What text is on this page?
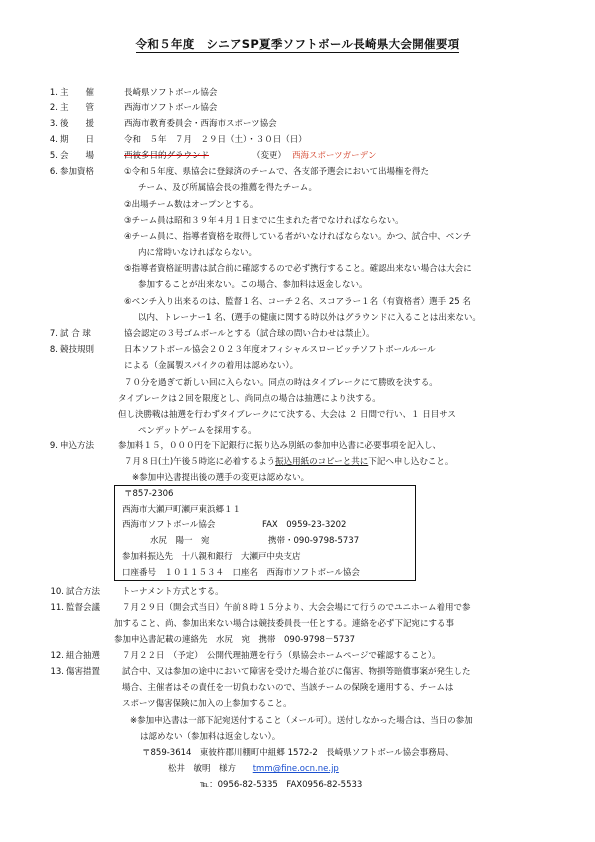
令和５年度　シニアSP夏季ソフトボール長崎県大会開催要項
1. 主　　催	長崎県ソフトボール協会
2. 主　　管	西海市ソフトボール協会
3. 後　　援	西海市教育委員会・西海市スポーツ協会
4. 期　　日	令和　５年　７月　２９日（土）・３０日（日）
5. 会　　場	西彼多目的グラウンド	（変更） 西海スポーツガーデン
6. 参加資格	①令和５年度、県協会に登録済のチームで、各支部予選会において出場権を得た
チーム、及び所属協会長の推薦を得たチーム。
②出場チーム数はオープンとする。
③チーム員は昭和３９年４月１日までに生まれた者でなければならない。
④チーム員に、指導者資格を取得している者がいなければならない。かつ、試合中、ベンチ
内に常時いなければならない。
⑤指導者資格証明書は試合前に確認するので必ず携行すること。確認出来ない場合は大会に
参加することが出来ない。この場合、参加料は返金しない。
⑥ベンチ入り出来るのは、監督１名、コーチ２名、スコアラー１名（有資格者）選手 25 名
以内、トレーナー1 名、(選手の健康に関する時以外はグラウンドに入ることは出来ない。
7. 試 合 球	協会認定の３号ゴムボールとする（試合球の問い合わせは禁止）。
8. 競技規則	日本ソフトボール協会２０２３年度オフィシャルスローピッチソフトボールルール
による（金属製スパイクの着用は認めない）。
７０分を過ぎて新しい回に入らない。同点の時はタイブレークにて勝敗を決する。
タイブレークは２回を限度とし、尚同点の場合は抽選により決する。
但し決勝戦は抽選を行わずタイブレークにて決する、大会は ２ 日間で行い、１ 日目サス
ペンデットゲームを採用する。
9. 申込方法	参加料１５，０００円を下記銀行に振り込み別紙の参加申込書に必要事項を記入し、
７月８日(土)午後５時迄に必着するよう振込用紙のコピーと共に下記へ申し込むこと。
※参加申込書提出後の選手の変更は認めない。
〒857-2306
西海市大瀬戸町瀬戸東浜郷１１
西海市ソフトボール協会	FAX　0959-23-3202
水尻　陽一　宛	携帯・090-9798-5737
参加料振込先　十八親和銀行　大瀬戸中央支店
口座番号　１０１１５３４　口座名　西海市ソフトボール協会
10. 試合方法	トーナメント方式とする。
11. 監督会議	７月２９日（開会式当日）午前８時１５分より、大会会場にて行うのでユニホーム着用で参
加すること、尚、参加出来ない場合は競技委員長一任とする。連絡を必ず下記宛にする事
参加申込書記載の連絡先　水尻　宛　携帯　090-9798－5737
12. 組合抽選	７月２２日　（予定）　公開代理抽選を行う（県協会ホームページで確認すること）。
13. 傷害措置	試合中、又は参加の途中において障害を受けた場合並びに傷害、物損等賠償事案が発生した
場合、主催者はその責任を一切負わないので、当該チームの保険を適用する、チームは
スポーツ傷害保険に加入の上参加すること。
※参加申込書は一部下記宛送付すること（メール可）。送付しなかった場合は、当日の参加
は認めない（参加料は返金しない）。
〒859-3614　東彼杵郡川棚町中組郷 1572-2　長崎県ソフトボール協会事務局、
松井　敏明　様方 tmm@fine.ocn.ne.jp
℡：0956-82-5335　FAX0956-82-5533
